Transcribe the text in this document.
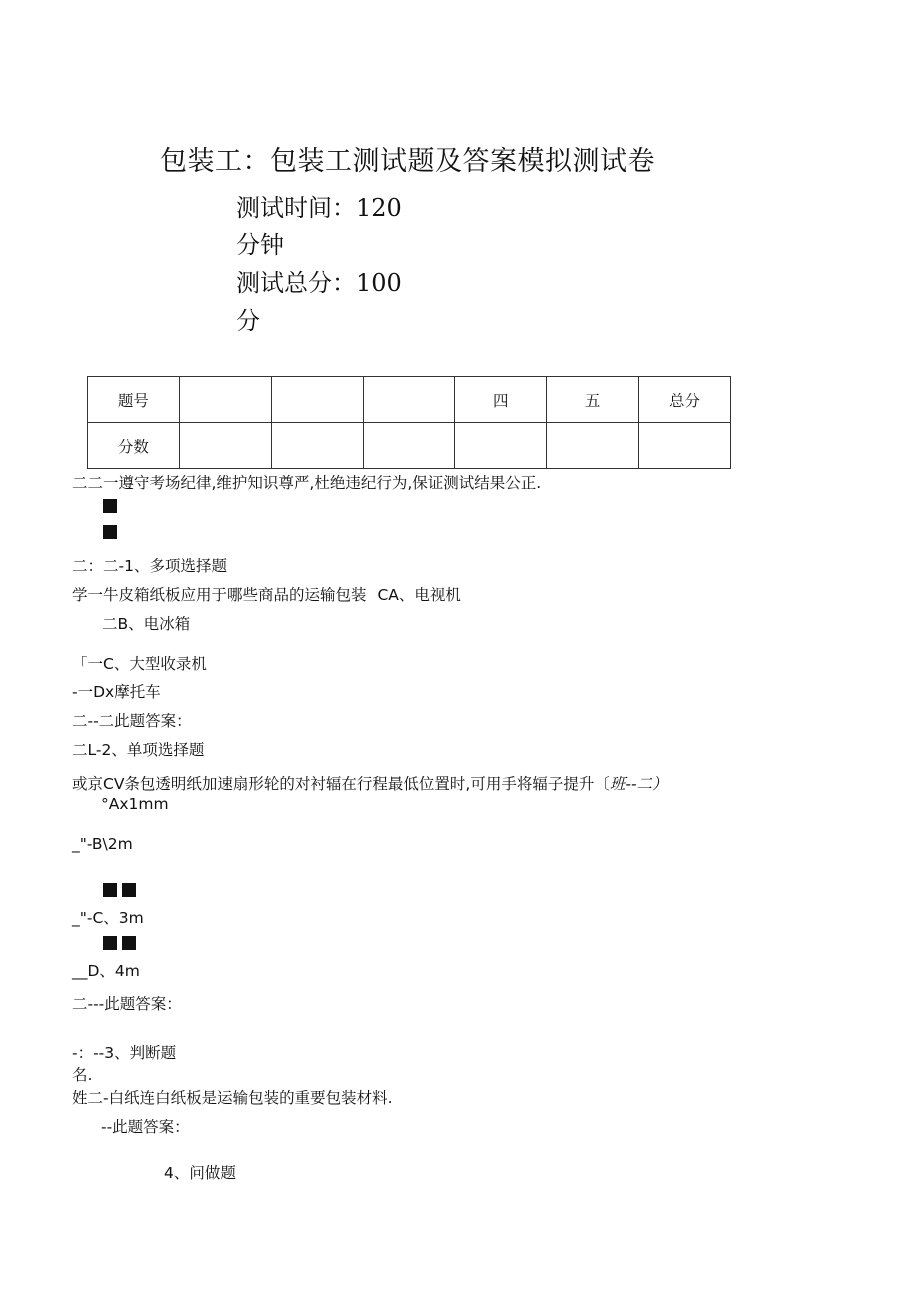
包装工：包装工测试题及答案模拟测试卷
测试时间：120
分钟
测试总分：100
分
题号				四	五	总分
分数						
二二一遵守考场纪律,维护知识尊严,杜绝违纪行为,保证测试结果公正.
二：二-1、多项选择题
学一牛皮箱纸板应用于哪些商品的运输包装 CA、电视机
二B、电冰箱
「一C、大型收录机
-一Dx摩托车
二--二此题答案：
二L-2、单项选择题
或京CV条包透明纸加速扇形轮的对衬辐在行程最低位置时,可用手将辐子提升〔班--二）
°Ax1mm
_"-B\2m
_"-C、3m
__D、4m
二---此题答案：
-：--3、判断题
名.
姓二-白纸连白纸板是运输包装的重要包装材料.
--此题答案：
4、问做题
